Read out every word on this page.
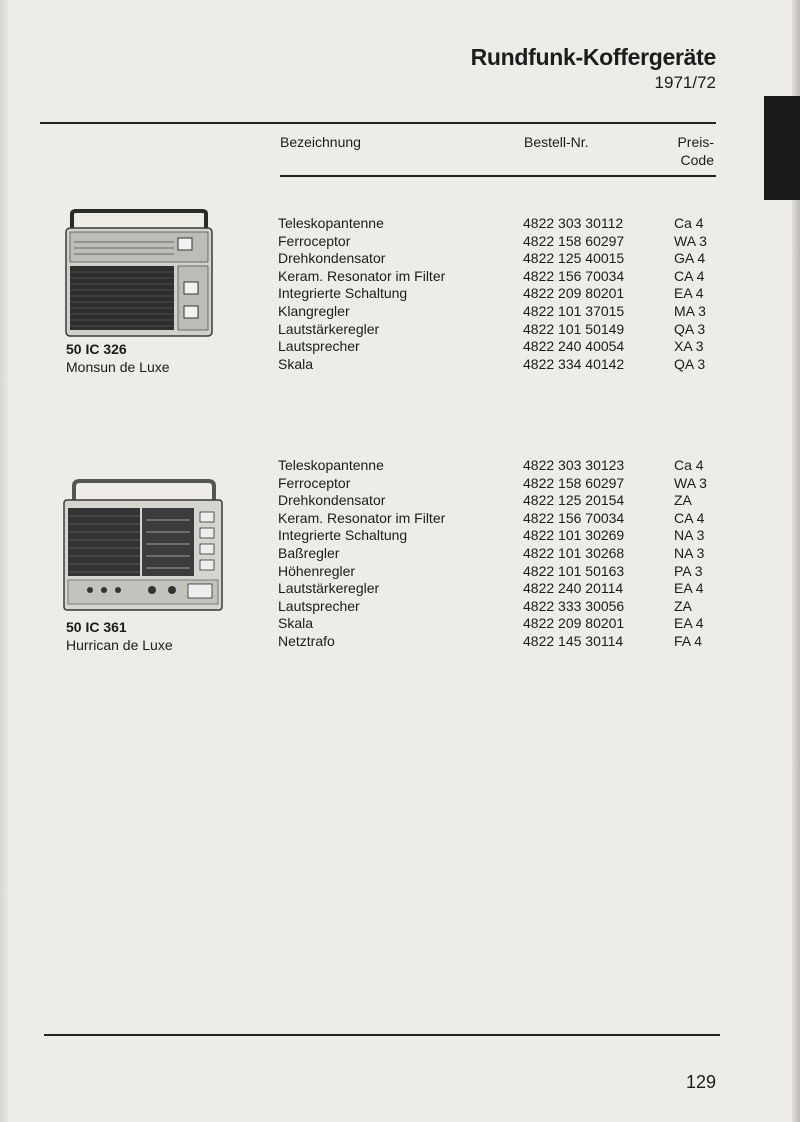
Rundfunk-Koffergeräte
1971/72
Bezeichnung	Bestell-Nr.	Preis-
Code
Teleskopantenne	4822 303 30112	Ca 4
Ferroceptor	4822 158 60297	WA 3
Drehkondensator	4822 125 40015	GA 4
Keram. Resonator im Filter	4822 156 70034	CA 4
Integrierte Schaltung	4822 209 80201	EA 4
Klangregler	4822 101 37015	MA 3
Lautstärkeregler	4822 101 50149	QA 3
Lautsprecher	4822 240 40054	XA 3
Skala	4822 334 40142	QA 3
50 IC 326
Monsun de Luxe
Teleskopantenne	4822 303 30123	Ca 4
Ferroceptor	4822 158 60297	WA 3
Drehkondensator	4822 125 20154	ZA
Keram. Resonator im Filter	4822 156 70034	CA 4
Integrierte Schaltung	4822 101 30269	NA 3
Baßregler	4822 101 30268	NA 3
Höhenregler	4822 101 50163	PA 3
Lautstärkeregler	4822 240 20114	EA 4
Lautsprecher	4822 333 30056	ZA
Skala	4822 209 80201	EA 4
Netztrafo	4822 145 30114	FA 4
50 IC 361
Hurrican de Luxe
129
